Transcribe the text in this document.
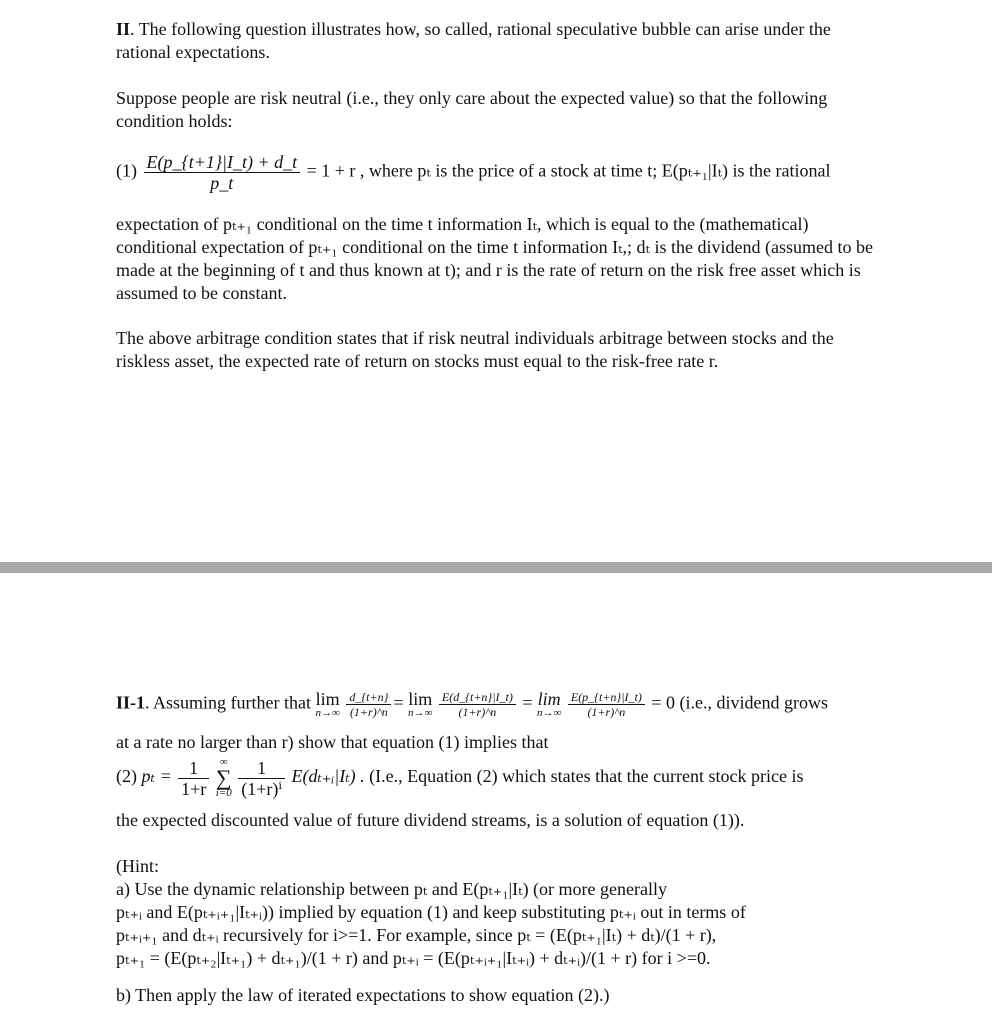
II. The following question illustrates how, so called, rational speculative bubble can arise under the rational expectations.

Suppose people are risk neutral (i.e., they only care about the expected value) so that the following condition holds:

$(1) \frac{E(p\_\{t+1\}|I\_t) + d\_t}{p\_t} = 1 + r$ , where pₜ is the price of a stock at time t; E(pₜ₊₁|Iₜ) is the rational

expectation of pₜ₊₁ conditional on the time t information Iₜ, which is equal to the (mathematical) conditional expectation of pₜ₊₁ conditional on the time t information Iₜ,; dₜ is the dividend (assumed to be made at the beginning of t and thus known at t); and r is the rate of return on the risk free asset which is assumed to be constant.

The above arbitrage condition states that if risk neutral individuals arbitrage between stocks and the riskless asset, the expected rate of return on stocks must equal to the risk-free rate r.

II-1. Assuming further that lim
n→∞
$\frac{d\_\{t+n\}}{(1+r)\^{}n} = \lim$
n→∞
$\frac{E(d\_\{t+n\}|I\_t)}{(1+r)\^{}n} = \lim$
n→∞
$\frac{E(p\_\{t+n\}|I\_t)}{(1+r)\^{}n} = 0$ (i.e., dividend grows

at a rate no larger than r) show that equation (1) implies that

(2) $p_t = \frac{1}{1+r}$ ∞
∑
$i=0 \frac{1}{\text{(1+r)ⁱ}}$ E(dₜ₊ᵢ|Iₜ) . (I.e., Equation (2) which states that the current stock price is

the expected discounted value of future dividend streams, is a solution of equation (1)).

(Hint:

a) Use the dynamic relationship between pₜ and E(pₜ₊₁|Iₜ) (or more generally

pₜ₊ᵢ and E(pₜ₊ᵢ₊₁|Iₜ₊ᵢ)) implied by equation (1) and keep substituting pₜ₊ᵢ out in terms of

pₜ₊ᵢ₊₁ and dₜ₊ᵢ recursively for i>=1. For example, since pₜ = (E(pₜ₊₁|Iₜ) + dₜ)/(1 + r),

pₜ₊₁ = (E(pₜ₊₂|Iₜ₊₁) + dₜ₊₁)/(1 + r) and pₜ₊ᵢ = (E(pₜ₊ᵢ₊₁|Iₜ₊ᵢ) + dₜ₊ᵢ)/(1 + r) for i >=0.

b) Then apply the law of iterated expectations to show equation (2).)
